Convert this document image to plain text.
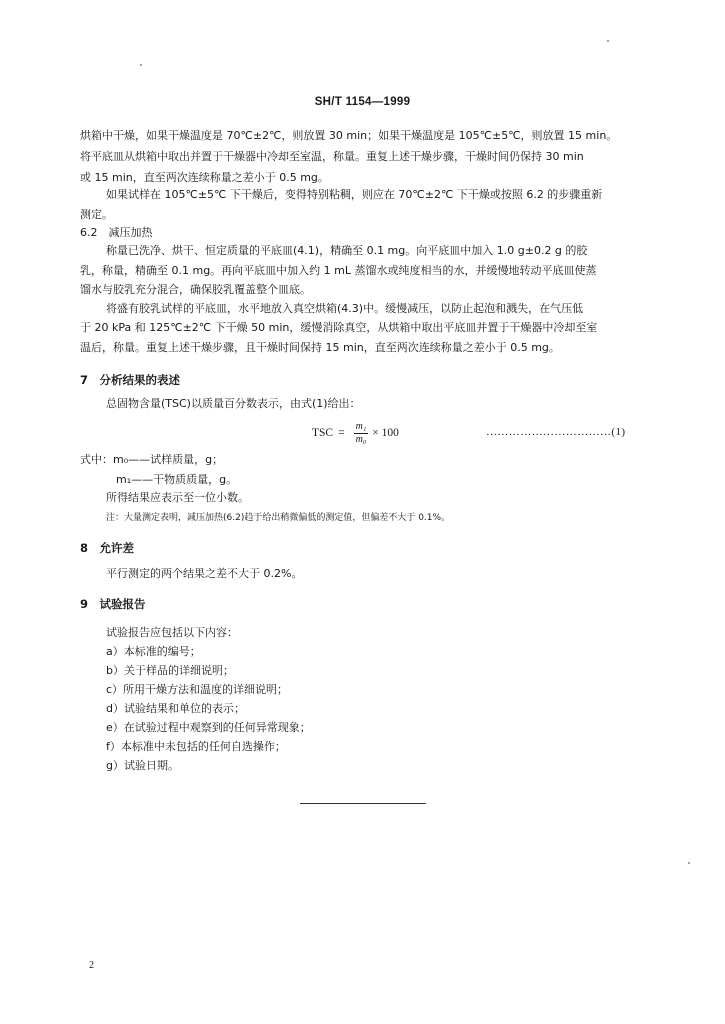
SH/T 1154—1999
烘箱中干燥，如果干燥温度是 70℃±2℃，则放置 30 min；如果干燥温度是 105℃±5℃，则放置 15 min。
将平底皿从烘箱中取出并置于干燥器中冷却至室温，称量。重复上述干燥步骤，干燥时间仍保持 30 min
或 15 min，直至两次连续称量之差小于 0.5 mg。
如果试样在 105℃±5℃ 下干燥后，变得特别粘稠，则应在 70℃±2℃ 下干燥或按照 6.2 的步骤重新
测定。
6.2　减压加热
称量已洗净、烘干、恒定质量的平底皿(4.1)，精确至 0.1 mg。向平底皿中加入 1.0 g±0.2 g 的胶
乳，称量，精确至 0.1 mg。再向平底皿中加入约 1 mL 蒸馏水或纯度相当的水，并缓慢地转动平底皿使蒸
馏水与胶乳充分混合，确保胶乳覆盖整个皿底。
将盛有胶乳试样的平底皿，水平地放入真空烘箱(4.3)中。缓慢减压，以防止起泡和溅失，在气压低
于 20 kPa 和 125℃±2℃ 下干燥 50 min，缓慢消除真空，从烘箱中取出平底皿并置于干燥器中冷却至室
温后，称量。重复上述干燥步骤，且干燥时间保持 15 min，直至两次连续称量之差小于 0.5 mg。
7　分析结果的表述
总固物含量(TSC)以质量百分数表示，由式(1)给出：
TSC = $\frac{\text{m₁}}{\text{m₀}} \times 100$	……………………………(1)
式中：m₀——试样质量，g；
m₁——干物质质量，g。
所得结果应表示至一位小数。
注：大量测定表明，减压加热(6.2)趋于给出稍微偏低的测定值，但偏差不大于 0.1%。
8　允许差
平行测定的两个结果之差不大于 0.2%。
9　试验报告
试验报告应包括以下内容：
a）本标准的编号；
b）关于样品的详细说明；
c）所用干燥方法和温度的详细说明；
d）试验结果和单位的表示；
e）在试验过程中观察到的任何异常现象；
f）本标准中未包括的任何自选操作；
g）试验日期。
2
